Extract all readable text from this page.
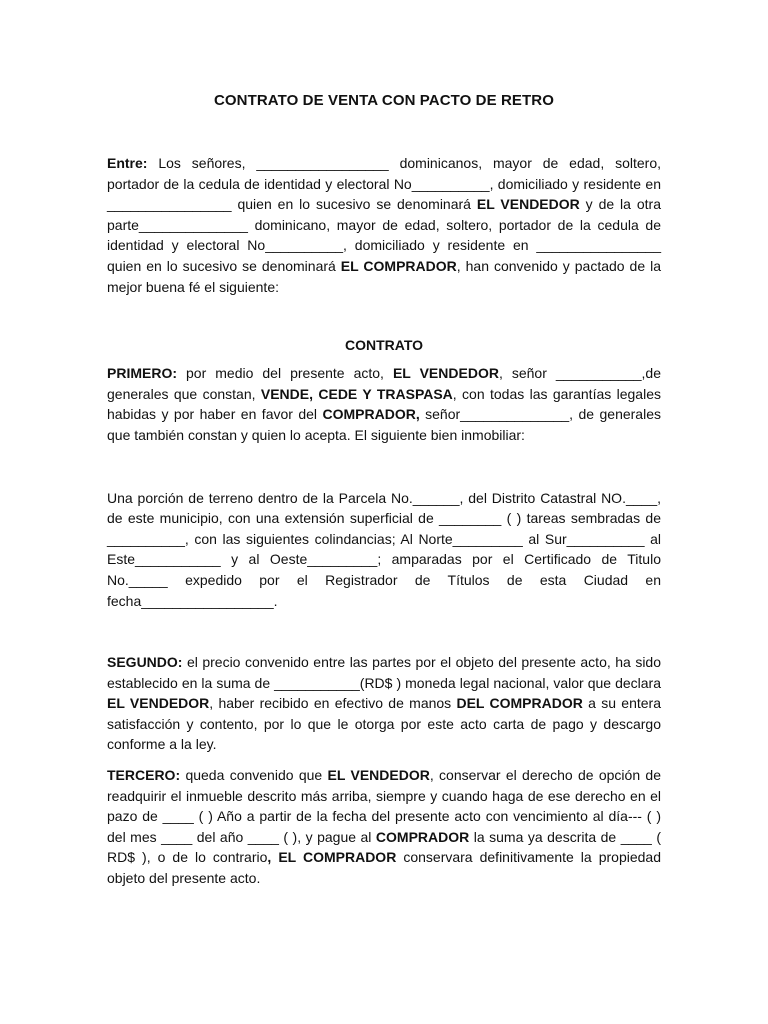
CONTRATO DE VENTA CON PACTO DE RETRO

Entre: Los señores, _________________ dominicanos, mayor de edad, soltero, portador de la cedula de identidad y electoral No__________, domiciliado y residente en ________________ quien en lo sucesivo se denominará EL VENDEDOR y de la otra parte______________ dominicano, mayor de edad, soltero, portador de la cedula de identidad y electoral No__________, domiciliado y residente en ________________ quien en lo sucesivo se denominará EL COMPRADOR, han convenido y pactado de la mejor buena fé el siguiente:

CONTRATO

PRIMERO: por medio del presente acto, EL VENDEDOR, señor ___________,de generales que constan, VENDE, CEDE Y TRASPASA, con todas las garantías legales habidas y por haber en favor del COMPRADOR, señor______________, de generales que también constan y quien lo acepta. El siguiente bien inmobiliar:

Una porción de terreno dentro de la Parcela No.______, del Distrito Catastral NO.____, de este municipio, con una extensión superficial de ________ ( ) tareas sembradas de __________, con las siguientes colindancias; Al Norte_________ al Sur__________ al Este___________ y al Oeste_________; amparadas por el Certificado de Titulo No._____ expedido por el Registrador de Títulos de esta Ciudad en fecha_________________.

SEGUNDO: el precio convenido entre las partes por el objeto del presente acto, ha sido establecido en la suma de ___________(RD$ ) moneda legal nacional, valor que declara EL VENDEDOR, haber recibido en efectivo de manos DEL COMPRADOR a su entera satisfacción y contento, por lo que le otorga por este acto carta de pago y descargo conforme a la ley.

TERCERO: queda convenido que EL VENDEDOR, conservar el derecho de opción de readquirir el inmueble descrito más arriba, siempre y cuando haga de ese derecho en el pazo de ____ ( ) Año a partir de la fecha del presente acto con vencimiento al día--- ( ) del mes ____ del año ____ ( ), y pague al COMPRADOR la suma ya descrita de ____ ( RD$ ), o de lo contrario, EL COMPRADOR conservara definitivamente la propiedad objeto del presente acto.
